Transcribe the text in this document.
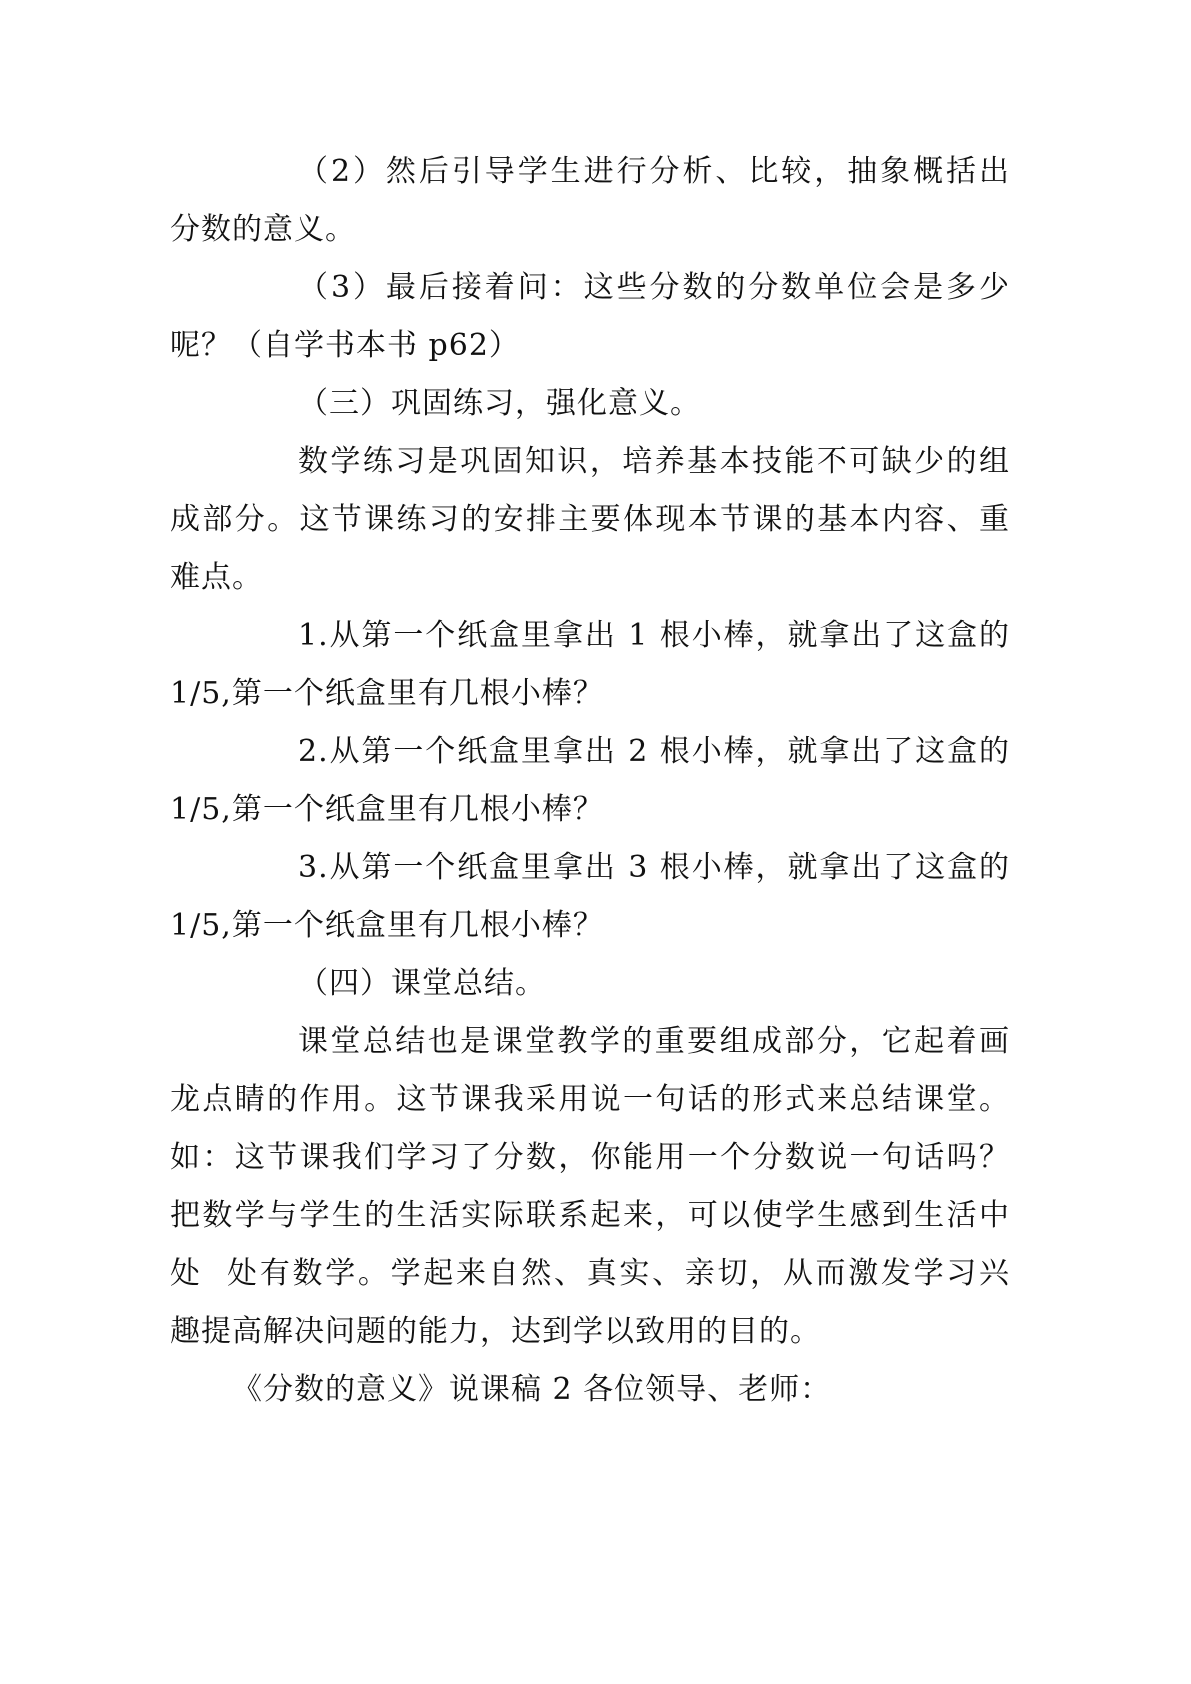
（2）然后引导学生进行分析、比较，抽象概括出
分数的意义。
（3）最后接着问：这些分数的分数单位会是多少
呢？（自学书本书 p62）
（三）巩固练习，强化意义。
数学练习是巩固知识，培养基本技能不可缺少的组
成部分。这节课练习的安排主要体现本节课的基本内容、重
难点。
1.从第一个纸盒里拿出 1 根小棒，就拿出了这盒的
1/5,第一个纸盒里有几根小棒？
2.从第一个纸盒里拿出 2 根小棒，就拿出了这盒的
1/5,第一个纸盒里有几根小棒？
3.从第一个纸盒里拿出 3 根小棒，就拿出了这盒的
1/5,第一个纸盒里有几根小棒？
（四）课堂总结。
课堂总结也是课堂教学的重要组成部分，它起着画
龙点睛的作用。这节课我采用说一句话的形式来总结课堂。
如：这节课我们学习了分数，你能用一个分数说一句话吗？
把数学与学生的生活实际联系起来，可以使学生感到生活中
处  处有数学。学起来自然、真实、亲切，从而激发学习兴
趣提高解决问题的能力，达到学以致用的目的。
《分数的意义》说课稿 2 各位领导、老师：
